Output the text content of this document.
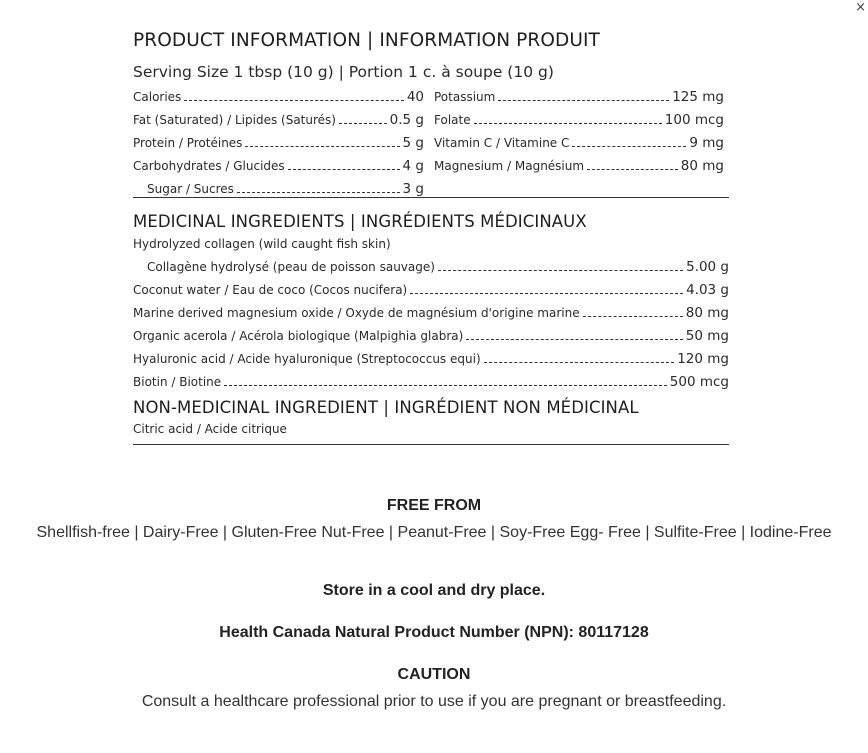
×
PRODUCT INFORMATION | INFORMATION PRODUIT
Serving Size 1 tbsp (10 g) | Portion 1 c. à soupe (10 g)
Calories	40
Fat (Saturated) / Lipides (Saturés)	0.5 g
Protein / Protéines	5 g
Carbohydrates / Glucides	4 g
Sugar / Sucres	3 g
Potassium	125 mg
Folate	100 mcg
Vitamin C / Vitamine C	9 mg
Magnesium / Magnésium	80 mg
MEDICINAL INGREDIENTS | INGRÉDIENTS MÉDICINAUX
Hydrolyzed collagen (wild caught fish skin)
Collagène hydrolysé (peau de poisson sauvage)	5.00 g
Coconut water / Eau de coco (Cocos nucifera)	4.03 g
Marine derived magnesium oxide / Oxyde de magnésium d'origine marine	80 mg
Organic acerola / Acérola biologique (Malpighia glabra)	50 mg
Hyaluronic acid / Acide hyaluronique (Streptococcus equi)	120 mg
Biotin / Biotine	500 mcg
NON-MEDICINAL INGREDIENT | INGRÉDIENT NON MÉDICINAL
Citric acid / Acide citrique
FREE FROM
Shellfish-free | Dairy-Free | Gluten-Free Nut-Free | Peanut-Free | Soy-Free Egg- Free | Sulfite-Free | Iodine-Free
Store in a cool and dry place.
Health Canada Natural Product Number (NPN): 80117128
CAUTION
Consult a healthcare professional prior to use if you are pregnant or breastfeeding.
